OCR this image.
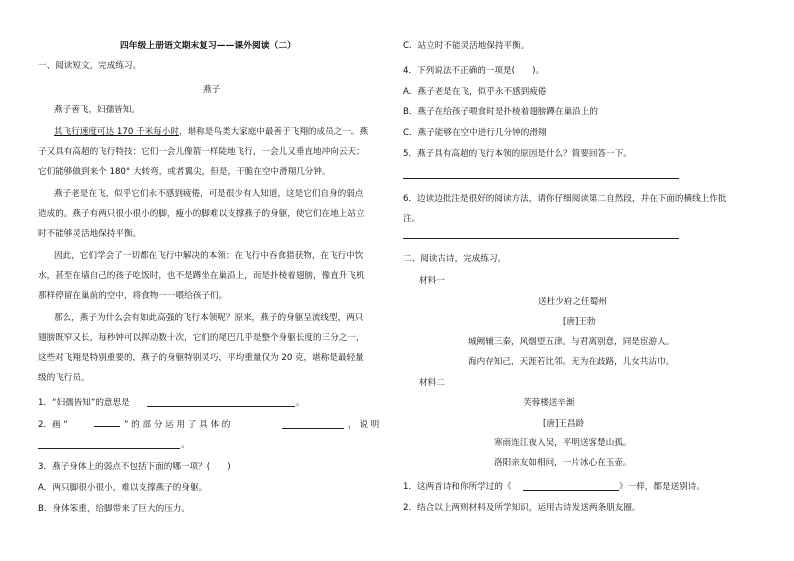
四年级上册语文期末复习——课外阅读（二）
一、阅读短文，完成练习。
燕子
燕子善飞，妇孺皆知。
其飞行速度可达 170 千米每小时，堪称是鸟类大家庭中最善于飞翔的成员之一。燕
子又具有高超的飞行特技：它们一会儿像箭一样陡地飞行，一会儿又垂直地冲向云天；
它们能够做到来个 180° 大转弯，或者翼尖，但是，干脆在空中滑翔几分钟。
燕子老是在飞，似乎它们永不感到疲倦，可是很少有人知道，这是它们自身的弱点
造成的。燕子有两只很小很小的脚，瘦小的脚难以支撑燕子的身躯，使它们在地上站立
时不能够灵活地保持平衡。
因此，它们学会了一切都在飞行中解决的本领：在飞行中吞食猎获物，在飞行中饮
水，甚至在墙自己的孩子吃饭时，也不是蹲坐在巢沿上，而是扑棱着翅膀，像直升飞机
那样停留在巢前的空中，将食物一一喂给孩子们。
那么，燕子为什么会有如此高强的飞行本领呢？原来，燕子的身躯呈流线型，两只
翅膀既窄又长，每秒钟可以挥动数十次，它们的尾巴几乎是整个身躯长度的三分之一，
这些对飞翔是特别重要的，燕子的身躯特别灵巧，平均重量仅为 20 克，堪称是最轻量
级的飞行员。
1．“妇孺皆知”的意思是	。
2．画 “	” 的 部 分 运 用 了 具 体 的	， 说 明
。
3．燕子身体上的弱点不包括下面的哪一项？(　　)
A．两只脚很小很小，难以支撑燕子的身躯。
B．身体笨重，给脚带来了巨大的压力。
C．站立时不能灵活地保持平衡。
4．下列说法不正确的一项是(　　)。
A．燕子老是在飞，似乎永不感到疲倦
B．燕子在给孩子喂食时是扑棱着翅膀蹲在巢沿上的
C．燕子能够在空中进行几分钟的滑翔
5．燕子具有高超的飞行本领的原因是什么？简要回答一下。
6．边读边批注是很好的阅读方法，请你仔细阅读第二自然段，并在下面的横线上作批
注。
二、阅读古诗，完成练习。
材料一
送杜少府之任蜀州
[唐]王勃
城阙辅三秦，风烟望五津。与君离别意，同是宦游人。
海内存知己，天涯若比邻。无为在歧路，儿女共沾巾。
材料二
芙蓉楼送辛渐
[唐]王昌龄
寒雨连江夜入吴，平明送客楚山孤。
洛阳亲友如相问，一片冰心在玉壶。
1．这两首诗和你所学过的《	》一样，都是送别诗。
2．结合以上两则材料及所学知识，运用古诗发送两条朋友圈。
